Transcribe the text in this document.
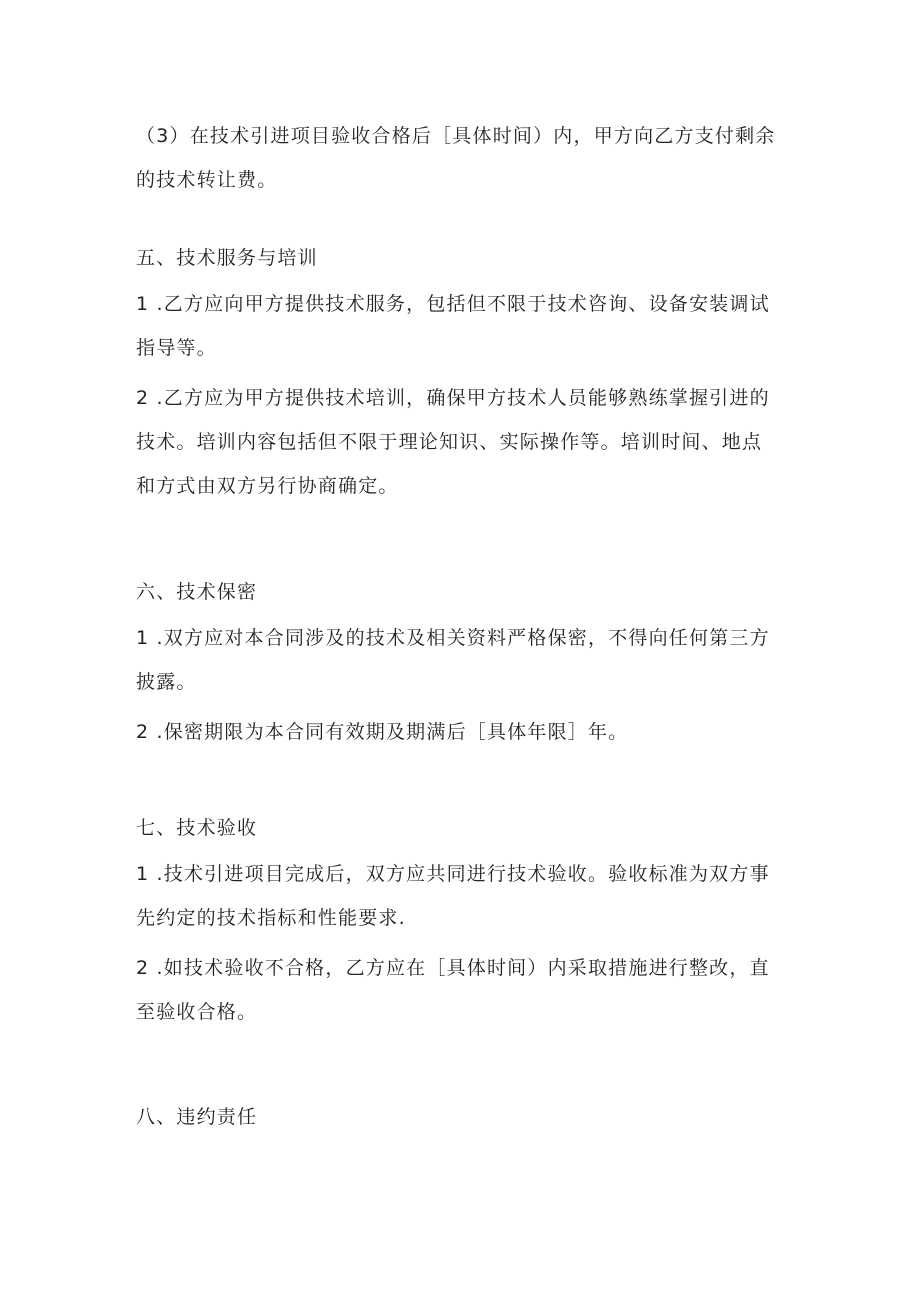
（3）在技术引进项目验收合格后［具体时间）内，甲方向乙方支付剩余
的技术转让费。
五、技术服务与培训
1 .乙方应向甲方提供技术服务，包括但不限于技术咨询、设备安装调试
指导等。
2 .乙方应为甲方提供技术培训，确保甲方技术人员能够熟练掌握引进的
技术。培训内容包括但不限于理论知识、实际操作等。培训时间、地点
和方式由双方另行协商确定。
六、技术保密
1 .双方应对本合同涉及的技术及相关资料严格保密，不得向任何第三方
披露。
2 .保密期限为本合同有效期及期满后［具体年限］年。
七、技术验收
1 .技术引进项目完成后，双方应共同进行技术验收。验收标准为双方事
先约定的技术指标和性能要求.
2 .如技术验收不合格，乙方应在［具体时间）内采取措施进行整改，直
至验收合格。
八、违约责任
